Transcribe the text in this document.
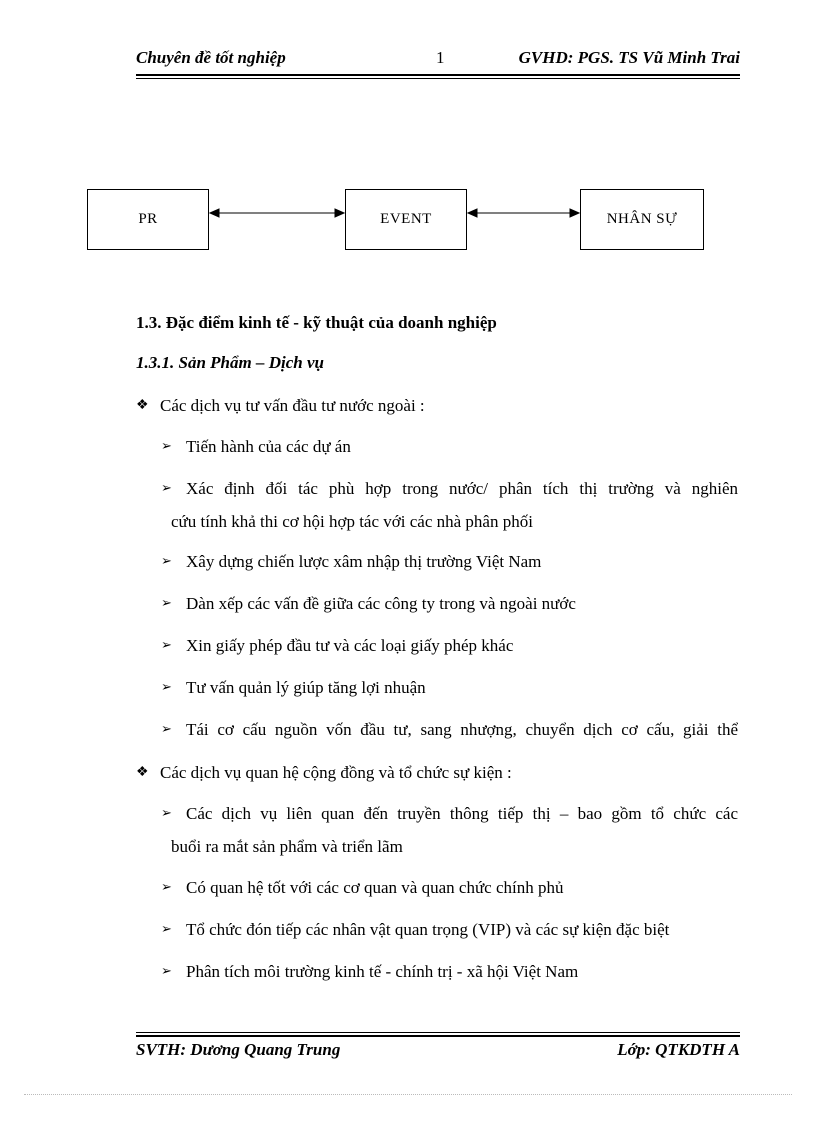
Chuyên đề tốt nghiệp	1	GVHD: PGS. TS Vũ Minh Trai
PR	EVENT	NHÂN SỰ
1.3. Đặc điểm kinh tế - kỹ thuật của doanh nghiệp
1.3.1. Sản Phẩm – Dịch vụ
❖ Các dịch vụ tư vấn đầu tư nước ngoài :
➢ Tiến hành của các dự án
➢ Xác định đối tác phù hợp trong nước/ phân tích thị trường và nghiên
cứu tính khả thi cơ hội hợp tác với các nhà phân phối
➢ Xây dựng chiến lược xâm nhập thị trường Việt Nam
➢ Dàn xếp các vấn đề giữa các công ty trong và ngoài nước
➢ Xin giấy phép đầu tư và các loại giấy phép khác
➢ Tư vấn quản lý giúp tăng lợi nhuận
➢ Tái cơ cấu nguồn vốn đầu tư, sang nhượng, chuyển dịch cơ cấu, giải thể
❖ Các dịch vụ quan hệ cộng đồng và tổ chức sự kiện :
➢ Các dịch vụ liên quan đến truyền thông tiếp thị – bao gồm tổ chức các
buổi ra mắt sản phẩm và triển lãm
➢ Có quan hệ tốt với các cơ quan và quan chức chính phủ
➢ Tổ chức đón tiếp các nhân vật quan trọng (VIP) và các sự kiện đặc biệt
➢ Phân tích môi trường kinh tế - chính trị - xã hội Việt Nam
SVTH: Dương Quang Trung	Lớp: QTKDTH A
